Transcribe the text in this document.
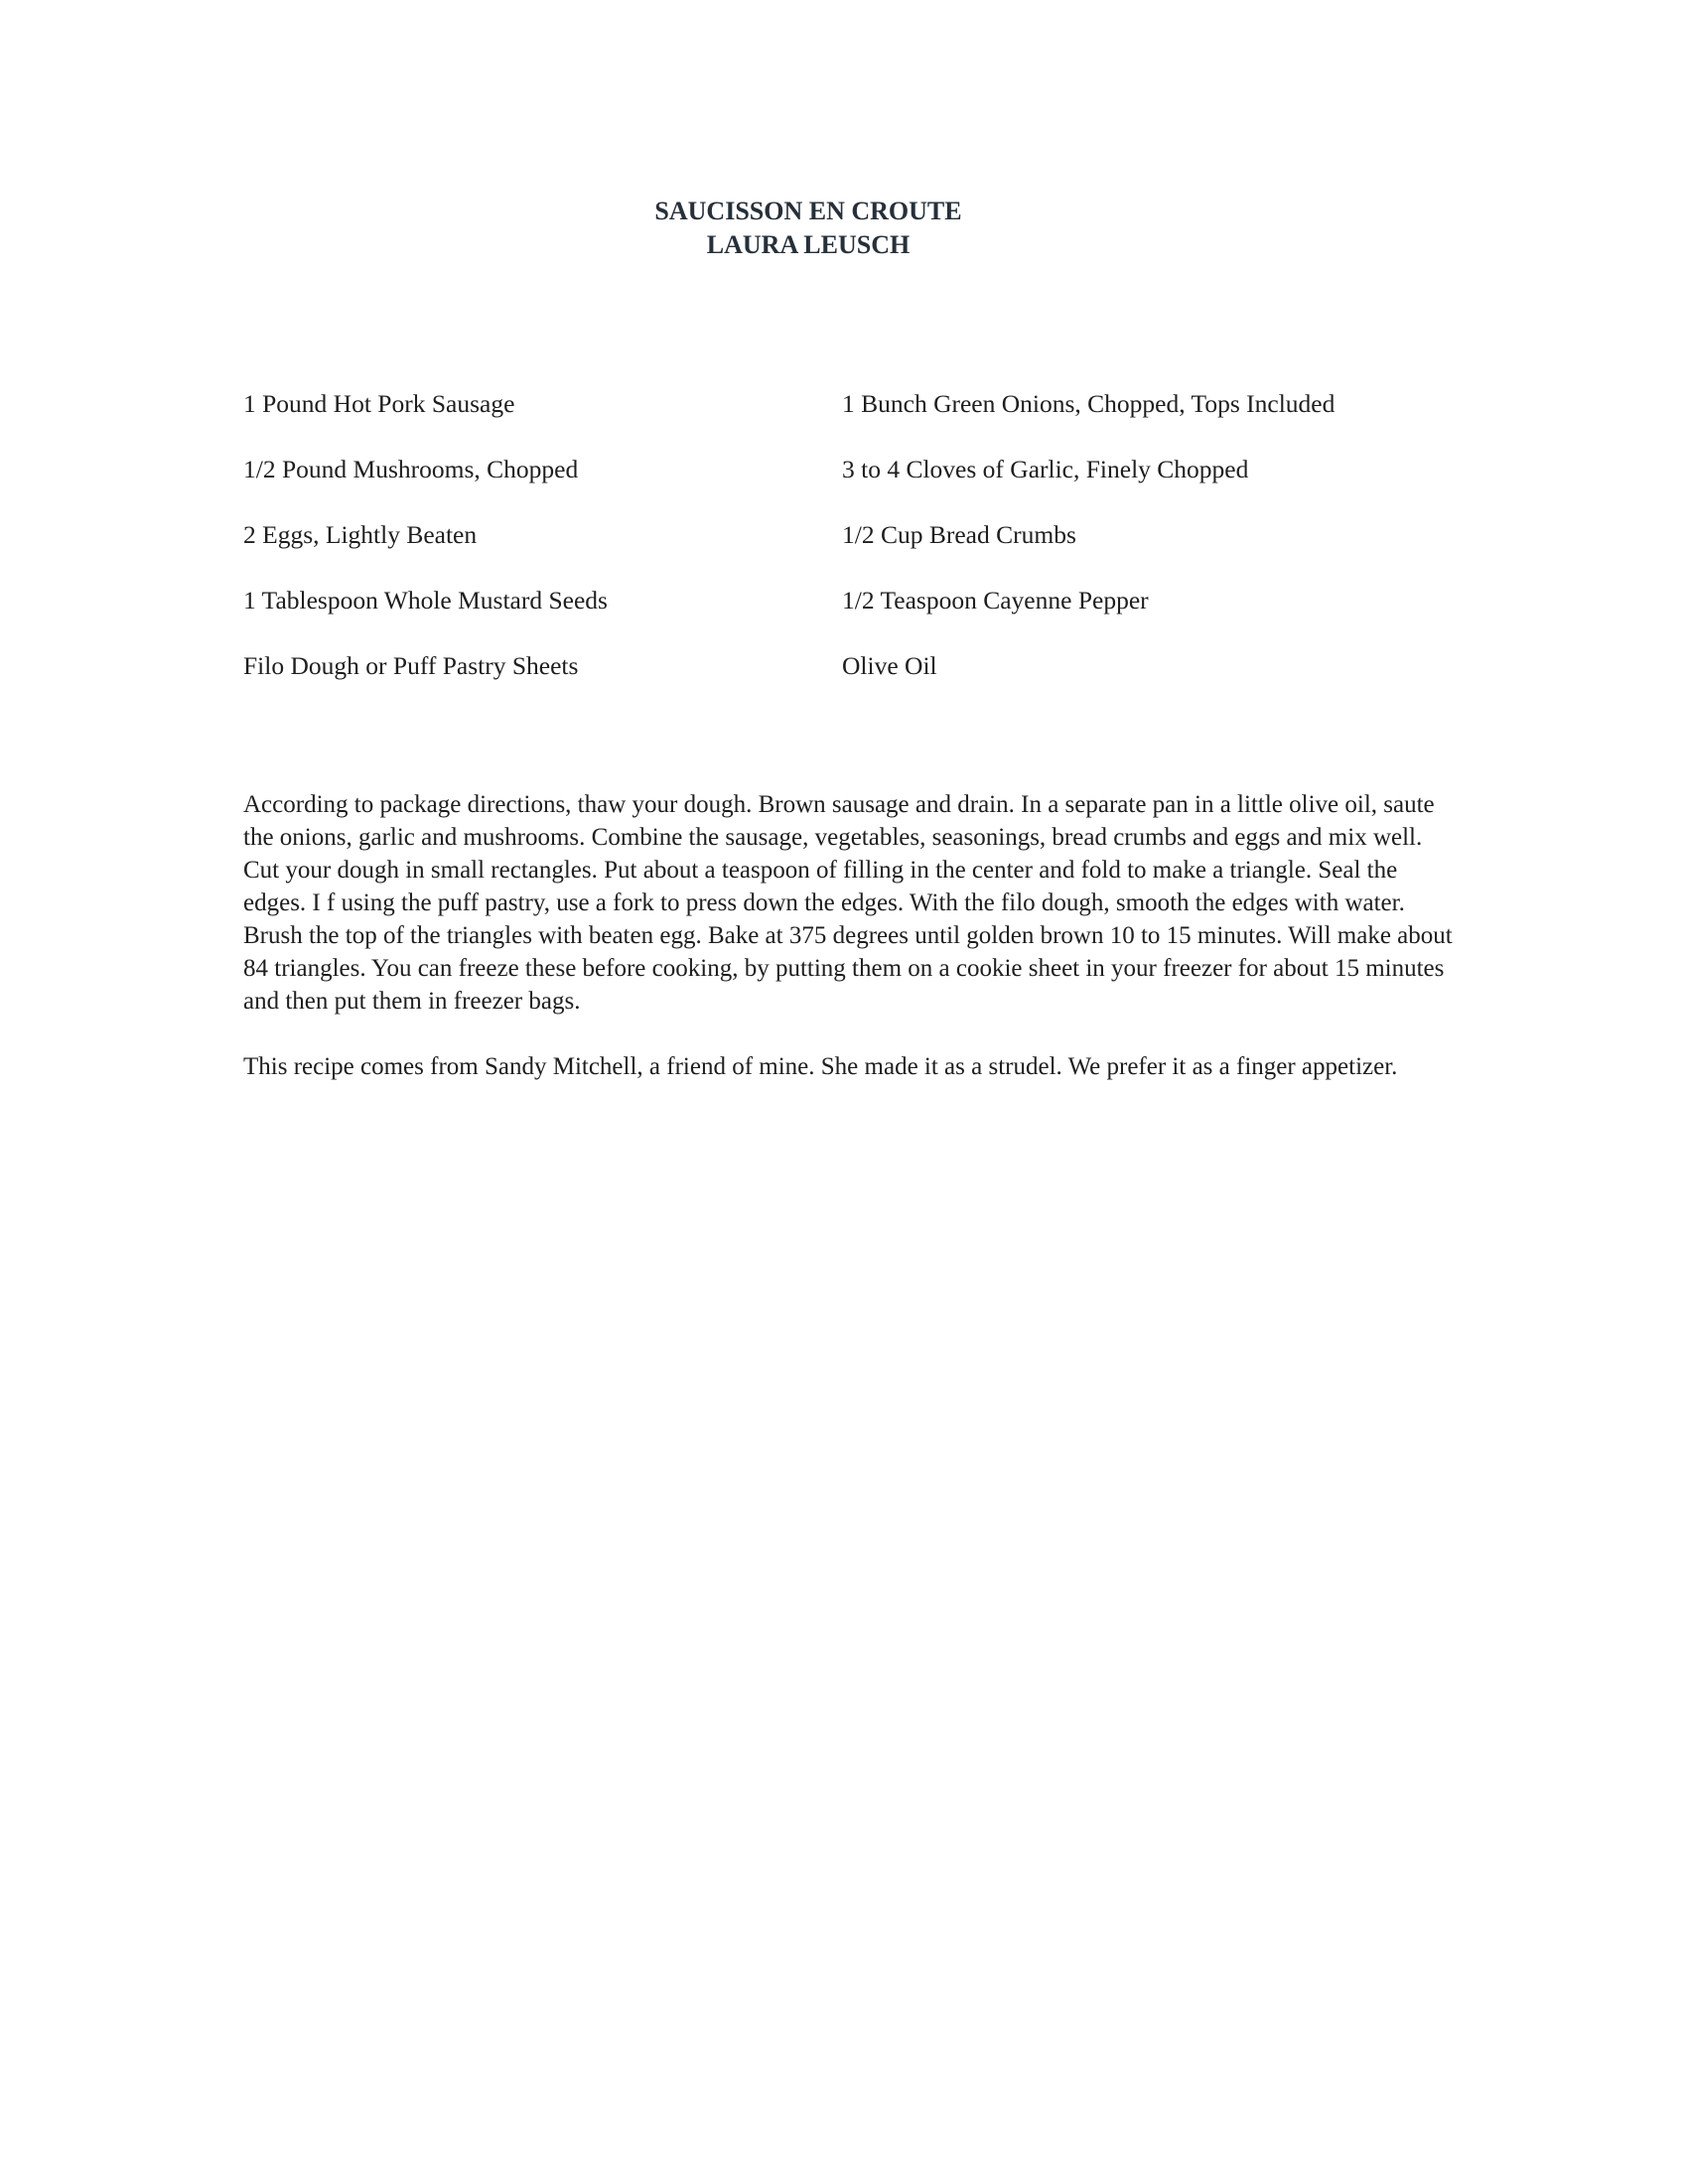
SAUCISSON EN CROUTE
LAURA LEUSCH
1 Pound Hot Pork Sausage	1 Bunch Green Onions, Chopped, Tops Included
1/2 Pound Mushrooms, Chopped	3 to 4 Cloves of Garlic, Finely Chopped
2 Eggs, Lightly Beaten	1/2 Cup Bread Crumbs
1 Tablespoon Whole Mustard Seeds	1/2 Teaspoon Cayenne Pepper
Filo Dough or Puff Pastry Sheets	Olive Oil

According to package directions, thaw your dough. Brown sausage and drain. In a separate pan in a little olive oil, saute the onions, garlic and mushrooms. Combine the sausage, vegetables, seasonings, bread crumbs and eggs and mix well. Cut your dough in small rectangles. Put about a teaspoon of filling in the center and fold to make a triangle. Seal the edges. I f using the puff pastry, use a fork to press down the edges. With the filo dough, smooth the edges with water. Brush the top of the triangles with beaten egg. Bake at 375 degrees until golden brown 10 to 15 minutes. Will make about 84 triangles. You can freeze these before cooking, by putting them on a cookie sheet in your freezer for about 15 minutes and then put them in freezer bags.

This recipe comes from Sandy Mitchell, a friend of mine. She made it as a strudel. We prefer it as a finger appetizer.
